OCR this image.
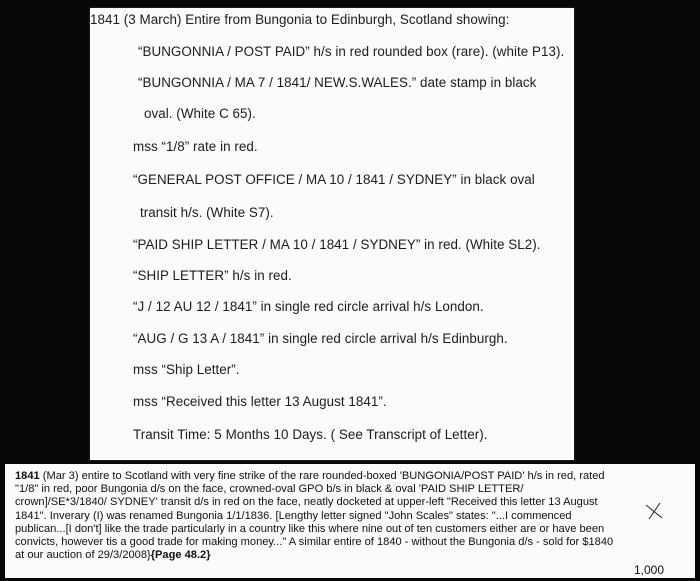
1841 (3 March) Entire from Bungonia to Edinburgh, Scotland showing:
“BUNGONNIA / POST PAID” h/s in red rounded box (rare). (white P13).
“BUNGONNIA / MA 7 / 1841/ NEW.S.WALES.” date stamp in black
oval. (White C 65).
mss “1/8” rate in red.
“GENERAL POST OFFICE / MA 10 / 1841 / SYDNEY” in black oval
transit h/s. (White S7).
“PAID SHIP LETTER / MA 10 / 1841 / SYDNEY” in red. (White SL2).
“SHIP LETTER” h/s in red.
“J / 12 AU 12 / 1841” in single red circle arrival h/s London.
“AUG / G 13 A / 1841” in single red circle arrival h/s Edinburgh.
mss “Ship Letter”.
mss “Received this letter 13 August 1841”.
Transit Time: 5 Months 10 Days. ( See Transcript of Letter).
1841 (Mar 3) entire to Scotland with very fine strike of the rare rounded-boxed 'BUNGONIA/POST PAID' h/s in red, rated "1/8" in red, poor Bungonia d/s on the face, crowned-oval GPO b/s in black & oval 'PAID SHIP LETTER/ crown]/SE*3/1840/ SYDNEY' transit d/s in red on the face, neatly docketed at upper-left "Received this letter 13 August 1841". Inverary (I) was renamed Bungonia 1/1/1836. [Lengthy letter signed "John Scales" states: "...I commenced publican...[I don't] like the trade particularly in a country like this where nine out of ten customers either are or have been convicts, however tis a good trade for making money..." A similar entire of 1840 - without the Bungonia d/s - sold for $1840 at our auction of 29/3/2008}{Page 48.2}
1,000
